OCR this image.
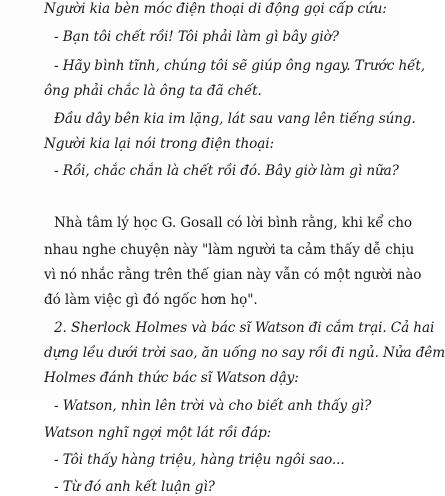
Người kia bèn móc điện thoại di động gọi cấp cứu:
- Bạn tôi chết rồi! Tôi phải làm gì bây giờ?
- Hãy bình tĩnh, chúng tôi sẽ giúp ông ngay. Trước hết,
ông phải chắc là ông ta đã chết.
Đầu dây bên kia im lặng, lát sau vang lên tiếng súng.
Người kia lại nói trong điện thoại:
- Rồi, chắc chắn là chết rồi đó. Bây giờ làm gì nữa?
Nhà tâm lý học G. Gosall có lời bình rằng, khi kể cho
nhau nghe chuyện này "làm người ta cảm thấy dễ chịu
vì nó nhắc rằng trên thế gian này vẫn có một người nào
đó làm việc gì đó ngốc hơn họ".
2. Sherlock Holmes và bác sĩ Watson đi cắm trại. Cả hai
dựng lều dưới trời sao, ăn uống no say rồi đi ngủ. Nửa đêm
Holmes đánh thức bác sĩ Watson dậy:
- Watson, nhìn lên trời và cho biết anh thấy gì?
Watson nghĩ ngợi một lát rồi đáp:
- Tôi thấy hàng triệu, hàng triệu ngôi sao...
- Từ đó anh kết luận gì?
